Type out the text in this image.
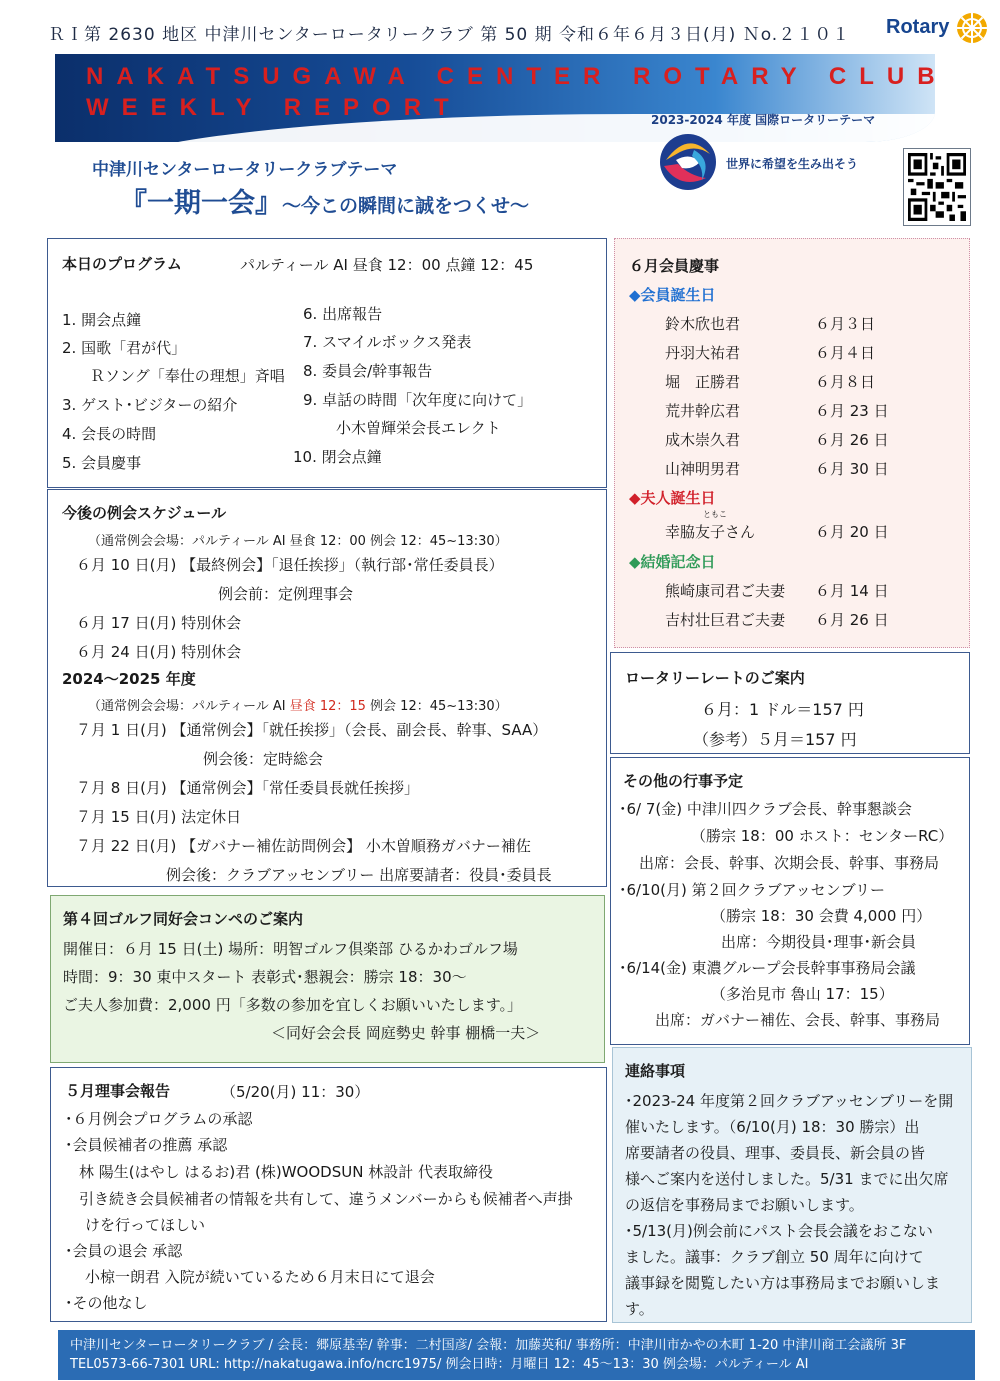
ＲＩ第 2630 地区 中津川センターロータリークラブ 第 50 期 令和６年６月３日(月) Ｎo.２１０１ Rotary
NAKATSUGAWA CENTER ROTARY CLUB
WEEKLY REPORT	2023-2024 年度 国際ロータリーテーマ
世界に希望を生み出そう
中津川センターロータリークラブテーマ
『一期一会』～今この瞬間に誠をつくせ～
本日のプログラム	パルティール AI 昼食 12：00 点鐘 12：45
1. 開会点鐘
2. 国歌「君が代」
Ｒソング「奉仕の理想」斉唱
3. ゲスト･ビジターの紹介
4. 会長の時間
5. 会員慶事
6. 出席報告
7. スマイルボックス発表
8. 委員会/幹事報告
9. 卓話の時間「次年度に向けて」
小木曽輝栄会長エレクト
10. 閉会点鐘
６月会員慶事
◆会員誕生日
鈴木欣也君	６月３日
丹羽大祐君	６月４日
堀　正勝君	６月８日
荒井幹広君	６月 23 日
成木崇久君	６月 26 日
山神明男君	６月 30 日
◆夫人誕生日
ともこ
幸脇友子さん	６月 20 日
◆結婚記念日
熊崎康司君ご夫妻 ６月 14 日
吉村壮巨君ご夫妻 ６月 26 日
今後の例会スケジュール
（通常例会会場：パルティール AI 昼食 12：00 例会 12：45~13:30）
６月 10 日(月) 【最終例会】｢退任挨拶｣（執行部･常任委員長）
例会前：定例理事会
６月 17 日(月) 特別休会
６月 24 日(月) 特別休会
2024～2025 年度
（通常例会会場：パルティール AI 昼食 12：15 例会 12：45~13:30）
７月 1 日(月) 【通常例会】｢就任挨拶｣（会長、副会長、幹事、SAA）
例会後：定時総会
７月 8 日(月) 【通常例会】｢常任委員長就任挨拶｣
７月 15 日(月) 法定休日
７月 22 日(月) 【ガバナー補佐訪問例会】 小木曽順務ガバナー補佐
例会後：クラブアッセンブリー 出席要請者：役員･委員長
第４回ゴルフ同好会コンペのご案内
開催日：６月 15 日(土) 場所：明智ゴルフ倶楽部 ひるかわゴルフ場
時間：9：30 東中スタート 表彰式･懇親会：勝宗 18：30～
ご夫人参加費：2,000 円「多数の参加を宜しくお願いいたします。」
＜同好会会長 岡庭勢史 幹事 棚橋一夫＞
５月理事会報告	（5/20(月) 11：30）
･６月例会プログラムの承認
･会員候補者の推薦 承認
林 陽生(はやし はるお)君 (株)WOODSUN 林設計 代表取締役
引き続き会員候補者の情報を共有して、違うメンバーからも候補者へ声掛
けを行ってほしい
･会員の退会 承認
小椋一朗君 入院が続いているため６月末日にて退会
･その他なし
ロータリーレートのご案内
６月：1 ドル＝157 円
（参考）５月＝157 円
その他の行事予定
･6/ 7(金) 中津川四クラブ会長、幹事懇談会
（勝宗 18：00 ホスト：センターRC）
出席：会長、幹事、次期会長、幹事、事務局
･6/10(月) 第２回クラブアッセンブリー
（勝宗 18：30 会費 4,000 円）
出席：今期役員･理事･新会員
･6/14(金) 東濃グループ会長幹事事務局会議
（多治見市 魯山 17：15）
出席：ガバナー補佐、会長、幹事、事務局
連絡事項
･2023-24 年度第２回クラブアッセンブリーを開
催いたします。（6/10(月) 18：30 勝宗）出
席要請者の役員、理事、委員長、新会員の皆
様へご案内を送付しました。5/31 までに出欠席
の返信を事務局までお願いします。
･5/13(月)例会前にパスト会長会議をおこない
ました。議事：クラブ創立 50 周年に向けて
議事録を閲覧したい方は事務局までお願いしま
す。
中津川センターロータリークラブ / 会長：郷原基幸/ 幹事：二村国彦/ 会報：加藤英和/ 事務所：中津川市かやの木町 1-20 中津川商工会議所 3F
TEL0573-66-7301 URL: http://nakatugawa.info/ncrc1975/ 例会日時：月曜日 12：45～13：30 例会場：パルティール AI
